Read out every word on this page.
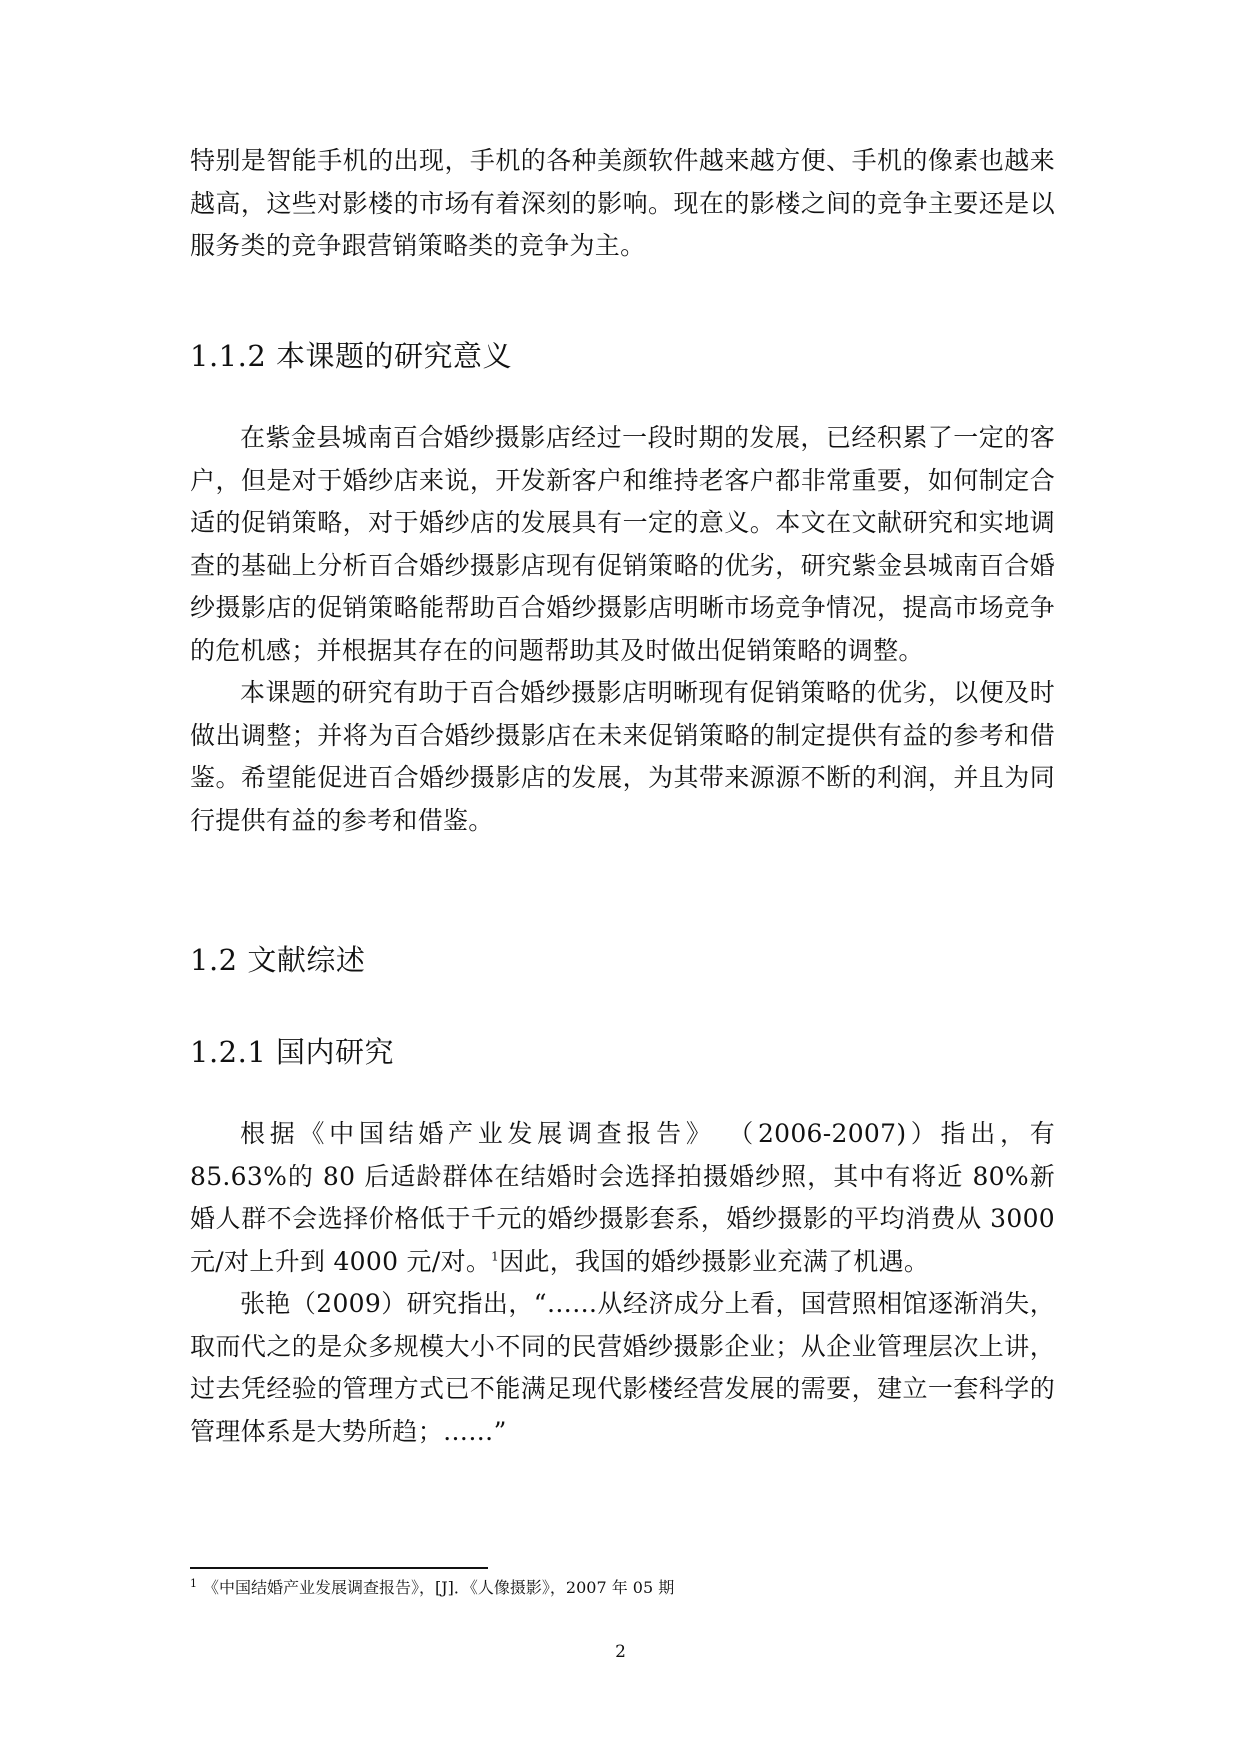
特别是智能手机的出现，手机的各种美颜软件越来越方便、手机的像素也越来越高，这些对影楼的市场有着深刻的影响。现在的影楼之间的竞争主要还是以服务类的竞争跟营销策略类的竞争为主。

1.1.2 本课题的研究意义

在紫金县城南百合婚纱摄影店经过一段时期的发展，已经积累了一定的客户，但是对于婚纱店来说，开发新客户和维持老客户都非常重要，如何制定合适的促销策略，对于婚纱店的发展具有一定的意义。本文在文献研究和实地调查的基础上分析百合婚纱摄影店现有促销策略的优劣，研究紫金县城南百合婚纱摄影店的促销策略能帮助百合婚纱摄影店明晰市场竞争情况，提高市场竞争的危机感；并根据其存在的问题帮助其及时做出促销策略的调整。

本课题的研究有助于百合婚纱摄影店明晰现有促销策略的优劣，以便及时做出调整；并将为百合婚纱摄影店在未来促销策略的制定提供有益的参考和借鉴。希望能促进百合婚纱摄影店的发展，为其带来源源不断的利润，并且为同行提供有益的参考和借鉴。

1.2 文献综述
1.2.1 国内研究

根据《中国结婚产业发展调查报告》 （2006-2007)）指出，有 85.63%的 80 后适龄群体在结婚时会选择拍摄婚纱照，其中有将近 80%新婚人群不会选择价格低于千元的婚纱摄影套系，婚纱摄影的平均消费从 3000 元/对上升到 4000 元/对。$^1$因此，我国的婚纱摄影业充满了机遇。

张艳（2009）研究指出，“……从经济成分上看，国营照相馆逐渐消失，取而代之的是众多规模大小不同的民营婚纱摄影企业；从企业管理层次上讲，过去凭经验的管理方式已不能满足现代影楼经营发展的需要，建立一套科学的管理体系是大势所趋；……”

$^1$ 《中国结婚产业发展调查报告》，[J]．《人像摄影》，2007 年 05 期
2
